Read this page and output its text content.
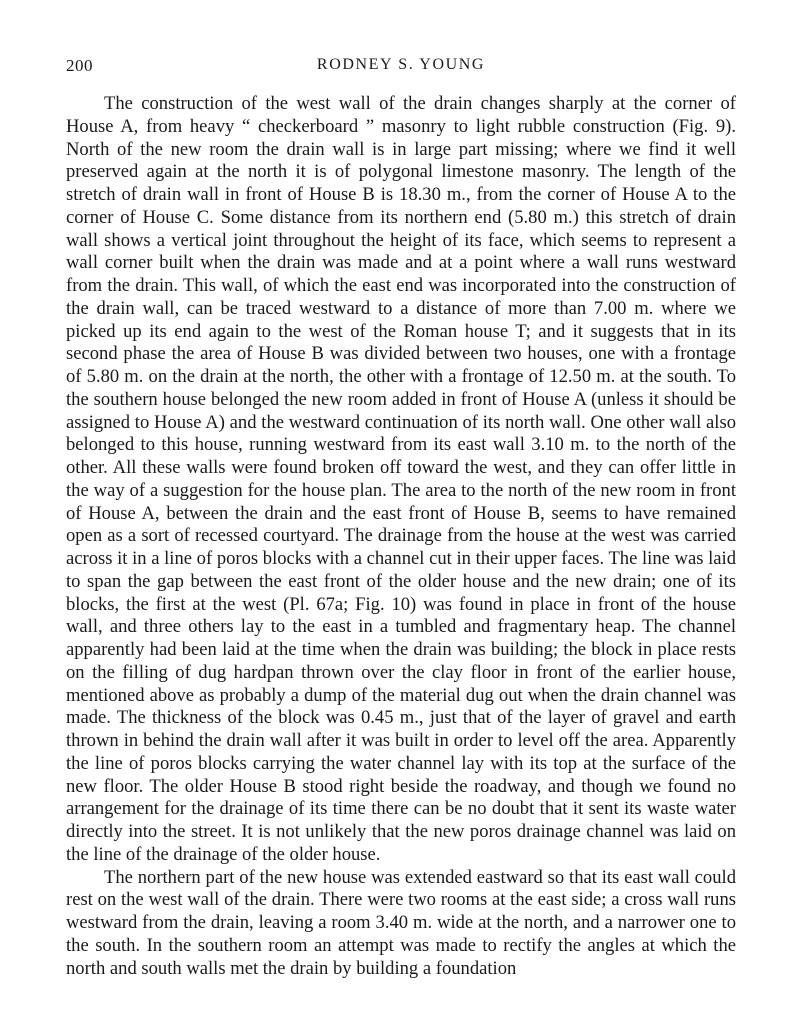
200	RODNEY S. YOUNG

The construction of the west wall of the drain changes sharply at the corner of House A, from heavy “ checkerboard ” masonry to light rubble construction (Fig. 9). North of the new room the drain wall is in large part missing; where we find it well preserved again at the north it is of polygonal limestone masonry. The length of the stretch of drain wall in front of House B is 18.30 m., from the corner of House A to the corner of House C. Some distance from its northern end (5.80 m.) this stretch of drain wall shows a vertical joint throughout the height of its face, which seems to represent a wall corner built when the drain was made and at a point where a wall runs westward from the drain. This wall, of which the east end was incorporated into the construction of the drain wall, can be traced westward to a distance of more than 7.00 m. where we picked up its end again to the west of the Roman house T; and it suggests that in its second phase the area of House B was divided between two houses, one with a frontage of 5.80 m. on the drain at the north, the other with a frontage of 12.50 m. at the south. To the southern house belonged the new room added in front of House A (unless it should be assigned to House A) and the westward continuation of its north wall. One other wall also belonged to this house, running westward from its east wall 3.10 m. to the north of the other. All these walls were found broken off toward the west, and they can offer little in the way of a suggestion for the house plan. The area to the north of the new room in front of House A, between the drain and the east front of House B, seems to have remained open as a sort of recessed courtyard. The drainage from the house at the west was carried across it in a line of poros blocks with a channel cut in their upper faces. The line was laid to span the gap between the east front of the older house and the new drain; one of its blocks, the first at the west (Pl. 67a; Fig. 10) was found in place in front of the house wall, and three others lay to the east in a tumbled and fragmentary heap. The channel apparently had been laid at the time when the drain was building; the block in place rests on the filling of dug hardpan thrown over the clay floor in front of the earlier house, mentioned above as probably a dump of the material dug out when the drain channel was made. The thickness of the block was 0.45 m., just that of the layer of gravel and earth thrown in behind the drain wall after it was built in order to level off the area. Apparently the line of poros blocks carrying the water channel lay with its top at the surface of the new floor. The older House B stood right beside the roadway, and though we found no arrangement for the drainage of its time there can be no doubt that it sent its waste water directly into the street. It is not unlikely that the new poros drainage channel was laid on the line of the drainage of the older house.

The northern part of the new house was extended eastward so that its east wall could rest on the west wall of the drain. There were two rooms at the east side; a cross wall runs westward from the drain, leaving a room 3.40 m. wide at the north, and a narrower one to the south. In the southern room an attempt was made to rectify the angles at which the north and south walls met the drain by building a foundation
